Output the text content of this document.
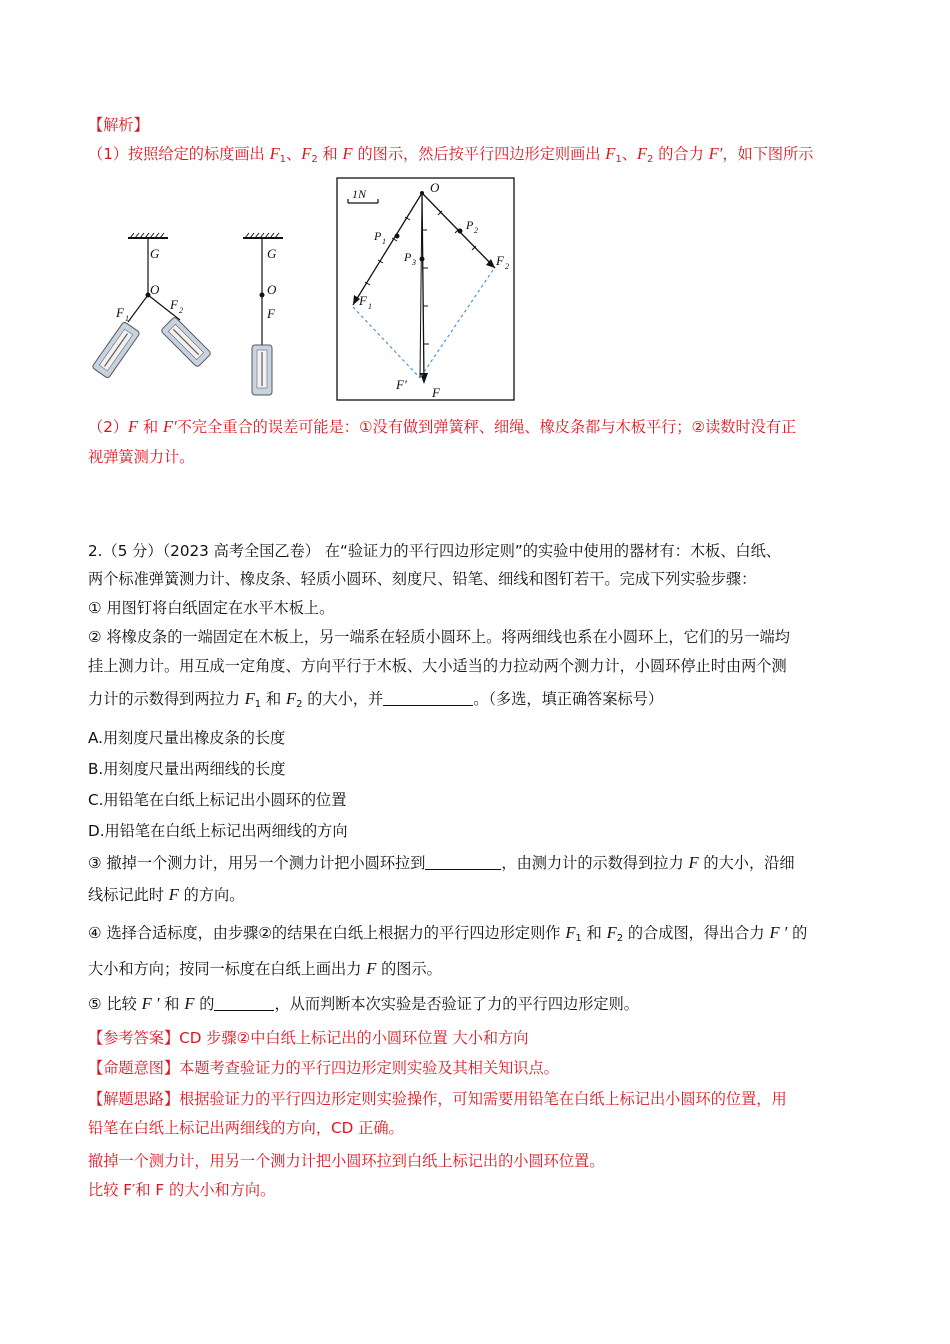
【解析】
（1）按照给定的标度画出 $F_1$、$F_2$ 和 F 的图示，然后按平行四边形定则画出 $F_1$、$F_2$ 的合力 F′，如下图所示
G
O
F 1
F 2
G
O
F
1N	O
P 1
P 2
P 3
F 1
F 2
F′
F
（2）F 和 F′不完全重合的误差可能是：①没有做到弹簧秤、细绳、橡皮条都与木板平行；②读数时没有正
视弹簧测力计。
2.（5 分）（2023 高考全国乙卷） 在“验证力的平行四边形定则”的实验中使用的器材有：木板、白纸、
两个标准弹簧测力计、橡皮条、轻质小圆环、刻度尺、铅笔、细线和图钉若干。完成下列实验步骤：
① 用图钉将白纸固定在水平木板上。
② 将橡皮条的一端固定在木板上，另一端系在轻质小圆环上。将两细线也系在小圆环上，它们的另一端均
挂上测力计。用互成一定角度、方向平行于木板、大小适当的力拉动两个测力计，小圆环停止时由两个测
力计的示数得到两拉力 $F_1$ 和 $F_2$ 的大小，并	。（多选，填正确答案标号）
A.用刻度尺量出橡皮条的长度
B.用刻度尺量出两细线的长度
C.用铅笔在白纸上标记出小圆环的位置
D.用铅笔在白纸上标记出两细线的方向
③ 撤掉一个测力计，用另一个测力计把小圆环拉到	，由测力计的示数得到拉力 F 的大小，沿细
线标记此时 F 的方向。
④ 选择合适标度，由步骤②的结果在白纸上根据力的平行四边形定则作 $F_1$ 和 $F_2$ 的合成图，得出合力 F ′ 的
大小和方向；按同一标度在白纸上画出力 F 的图示。
⑤ 比较 F ′ 和 F 的	，从而判断本次实验是否验证了力的平行四边形定则。
【参考答案】CD 步骤②中白纸上标记出的小圆环位置 大小和方向
【命题意图】本题考查验证力的平行四边形定则实验及其相关知识点。
【解题思路】根据验证力的平行四边形定则实验操作，可知需要用铅笔在白纸上标记出小圆环的位置，用
铅笔在白纸上标记出两细线的方向，CD 正确。
撤掉一个测力计，用另一个测力计把小圆环拉到白纸上标记出的小圆环位置。
比较 F′和 F 的大小和方向。
